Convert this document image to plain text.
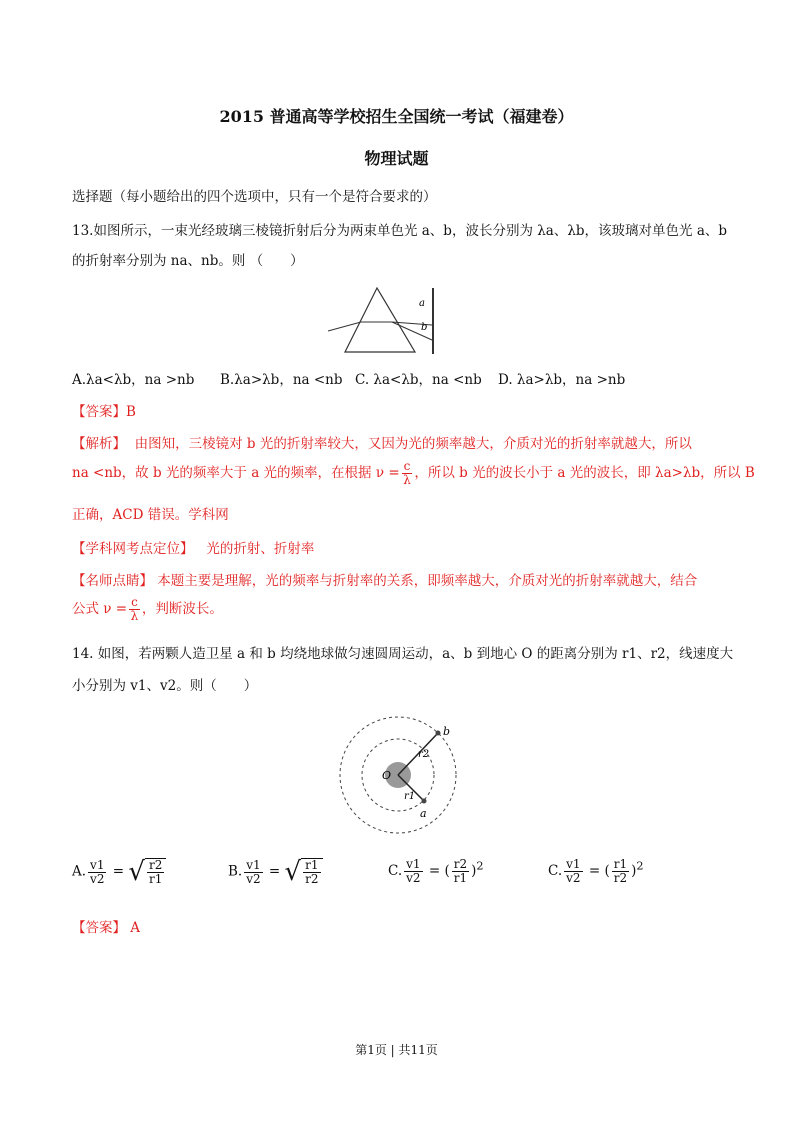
2015 普通高等学校招生全国统一考试（福建卷）
物理试题
选择题（每小题给出的四个选项中，只有一个是符合要求的）
13.如图所示，一束光经玻璃三棱镜折射后分为两束单色光 a、b，波长分别为 λa、λb，该玻璃对单色光 a、b
的折射率分别为 na、nb。则 （　　）
a
b
A.λa<λb，na >nb B.λa>λb，na <nb C. λa<λb，na <nb D. λa>λb，na >nb
【答案】B
【解析】 由图知，三棱镜对 b 光的折射率较大，又因为光的频率越大，介质对光的折射率就越大，所以
na <nb，故 b 光的频率大于 a 光的频率，在根据 $\nu = \frac{c}{\lambda}$ ，所以 b 光的波长小于 a 光的波长，即 λa>λb，所以 B
正确，ACD 错误。学科网
【学科网考点定位】 光的折射、折射率
【名师点睛】 本题主要是理解，光的频率与折射率的关系，即频率越大，介质对光的折射率就越大，结合
公式 $\nu = \frac{c}{\lambda}$ ，判断波长。
14. 如图，若两颗人造卫星 a 和 b 均绕地球做匀速圆周运动，a、b 到地心 O 的距离分别为 r1、r2，线速度大
小分别为 v1、v2。则（　　）
b
a
O
r2
r1
A. $\frac{v1}{v2}$ = √ $\frac{r2}{r1}$	B. $\frac{v1}{v2}$ = √ $\frac{r1}{r2}$	C. $\frac{v1}{v2}$ = ( $\frac{r2}{r1} )^2$	C. $\frac{v1}{v2}$ = ( $\frac{r1}{r2} )^2$
【答案】 A
第1页 | 共11页
